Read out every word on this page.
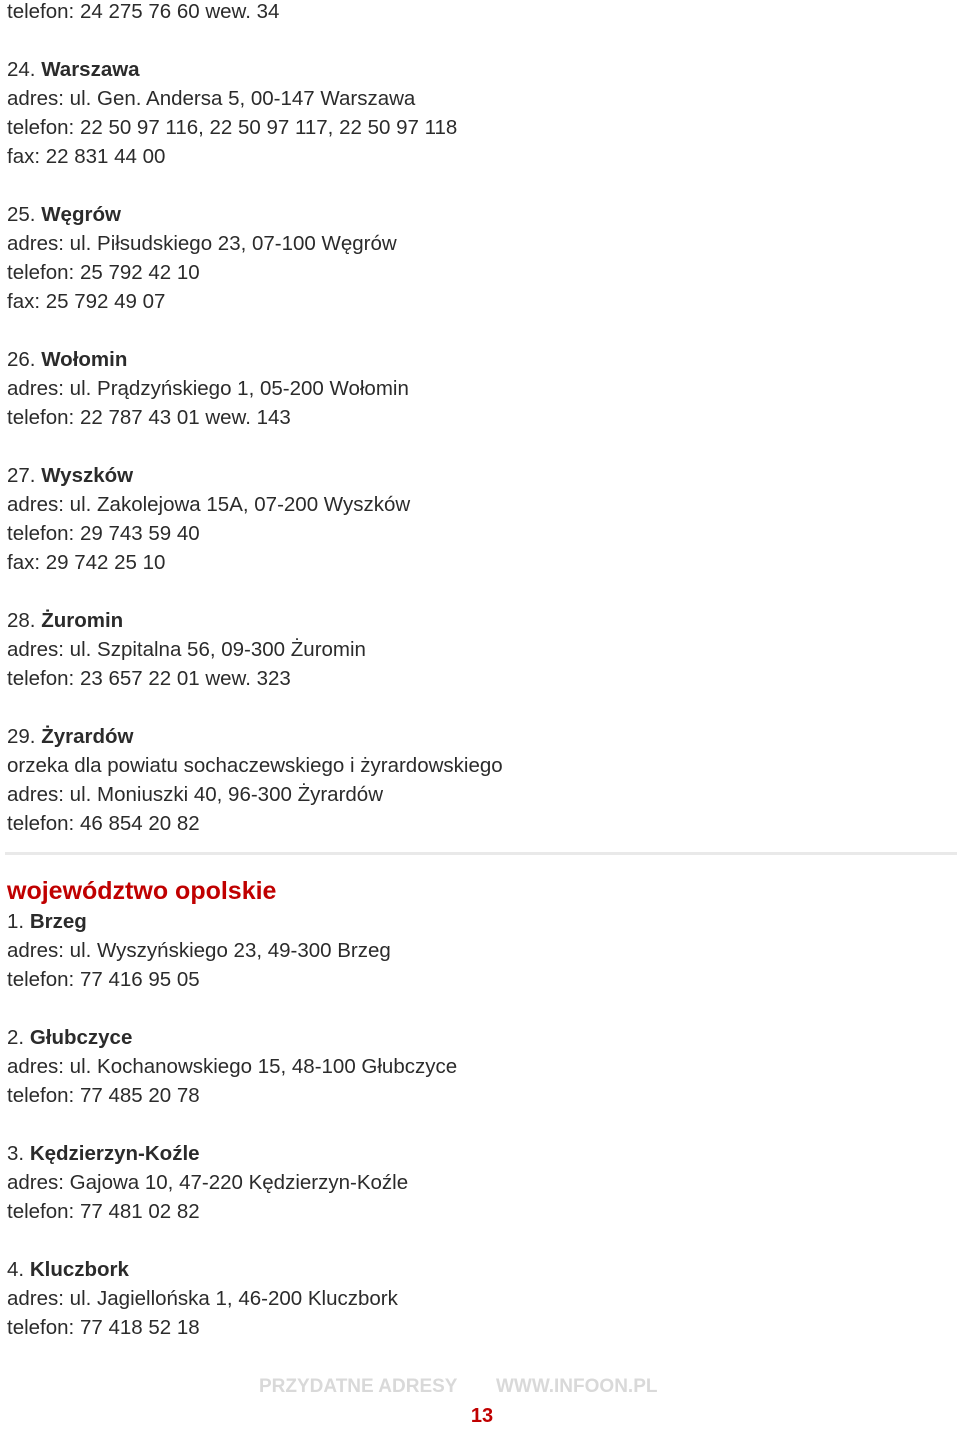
telefon: 24 275 76 60 wew. 34
24. Warszawa
adres: ul. Gen. Andersa 5, 00-147 Warszawa
telefon: 22 50 97 116, 22 50 97 117, 22 50 97 118
fax: 22 831 44 00
25. Węgrów
adres: ul. Piłsudskiego 23, 07-100 Węgrów
telefon: 25 792 42 10
fax: 25 792 49 07
26. Wołomin
adres: ul. Prądzyńskiego 1, 05-200 Wołomin
telefon: 22 787 43 01 wew. 143
27. Wyszków
adres: ul. Zakolejowa 15A, 07-200 Wyszków
telefon: 29 743 59 40
fax: 29 742 25 10
28. Żuromin
adres: ul. Szpitalna 56, 09-300 Żuromin
telefon: 23 657 22 01 wew. 323
29. Żyrardów
orzeka dla powiatu sochaczewskiego i żyrardowskiego
adres: ul. Moniuszki 40, 96-300 Żyrardów
telefon: 46 854 20 82
województwo opolskie
1. Brzeg
adres: ul. Wyszyńskiego 23, 49-300 Brzeg
telefon: 77 416 95 05
2. Głubczyce
adres: ul. Kochanowskiego 15, 48-100 Głubczyce
telefon: 77 485 20 78
3. Kędzierzyn-Koźle
adres: Gajowa 10, 47-220 Kędzierzyn-Koźle
telefon: 77 481 02 82
4. Kluczbork
adres: ul. Jagiellońska 1, 46-200 Kluczbork
telefon: 77 418 52 18
PRZYDATNE ADRESY WWW.INFOON.PL
13
